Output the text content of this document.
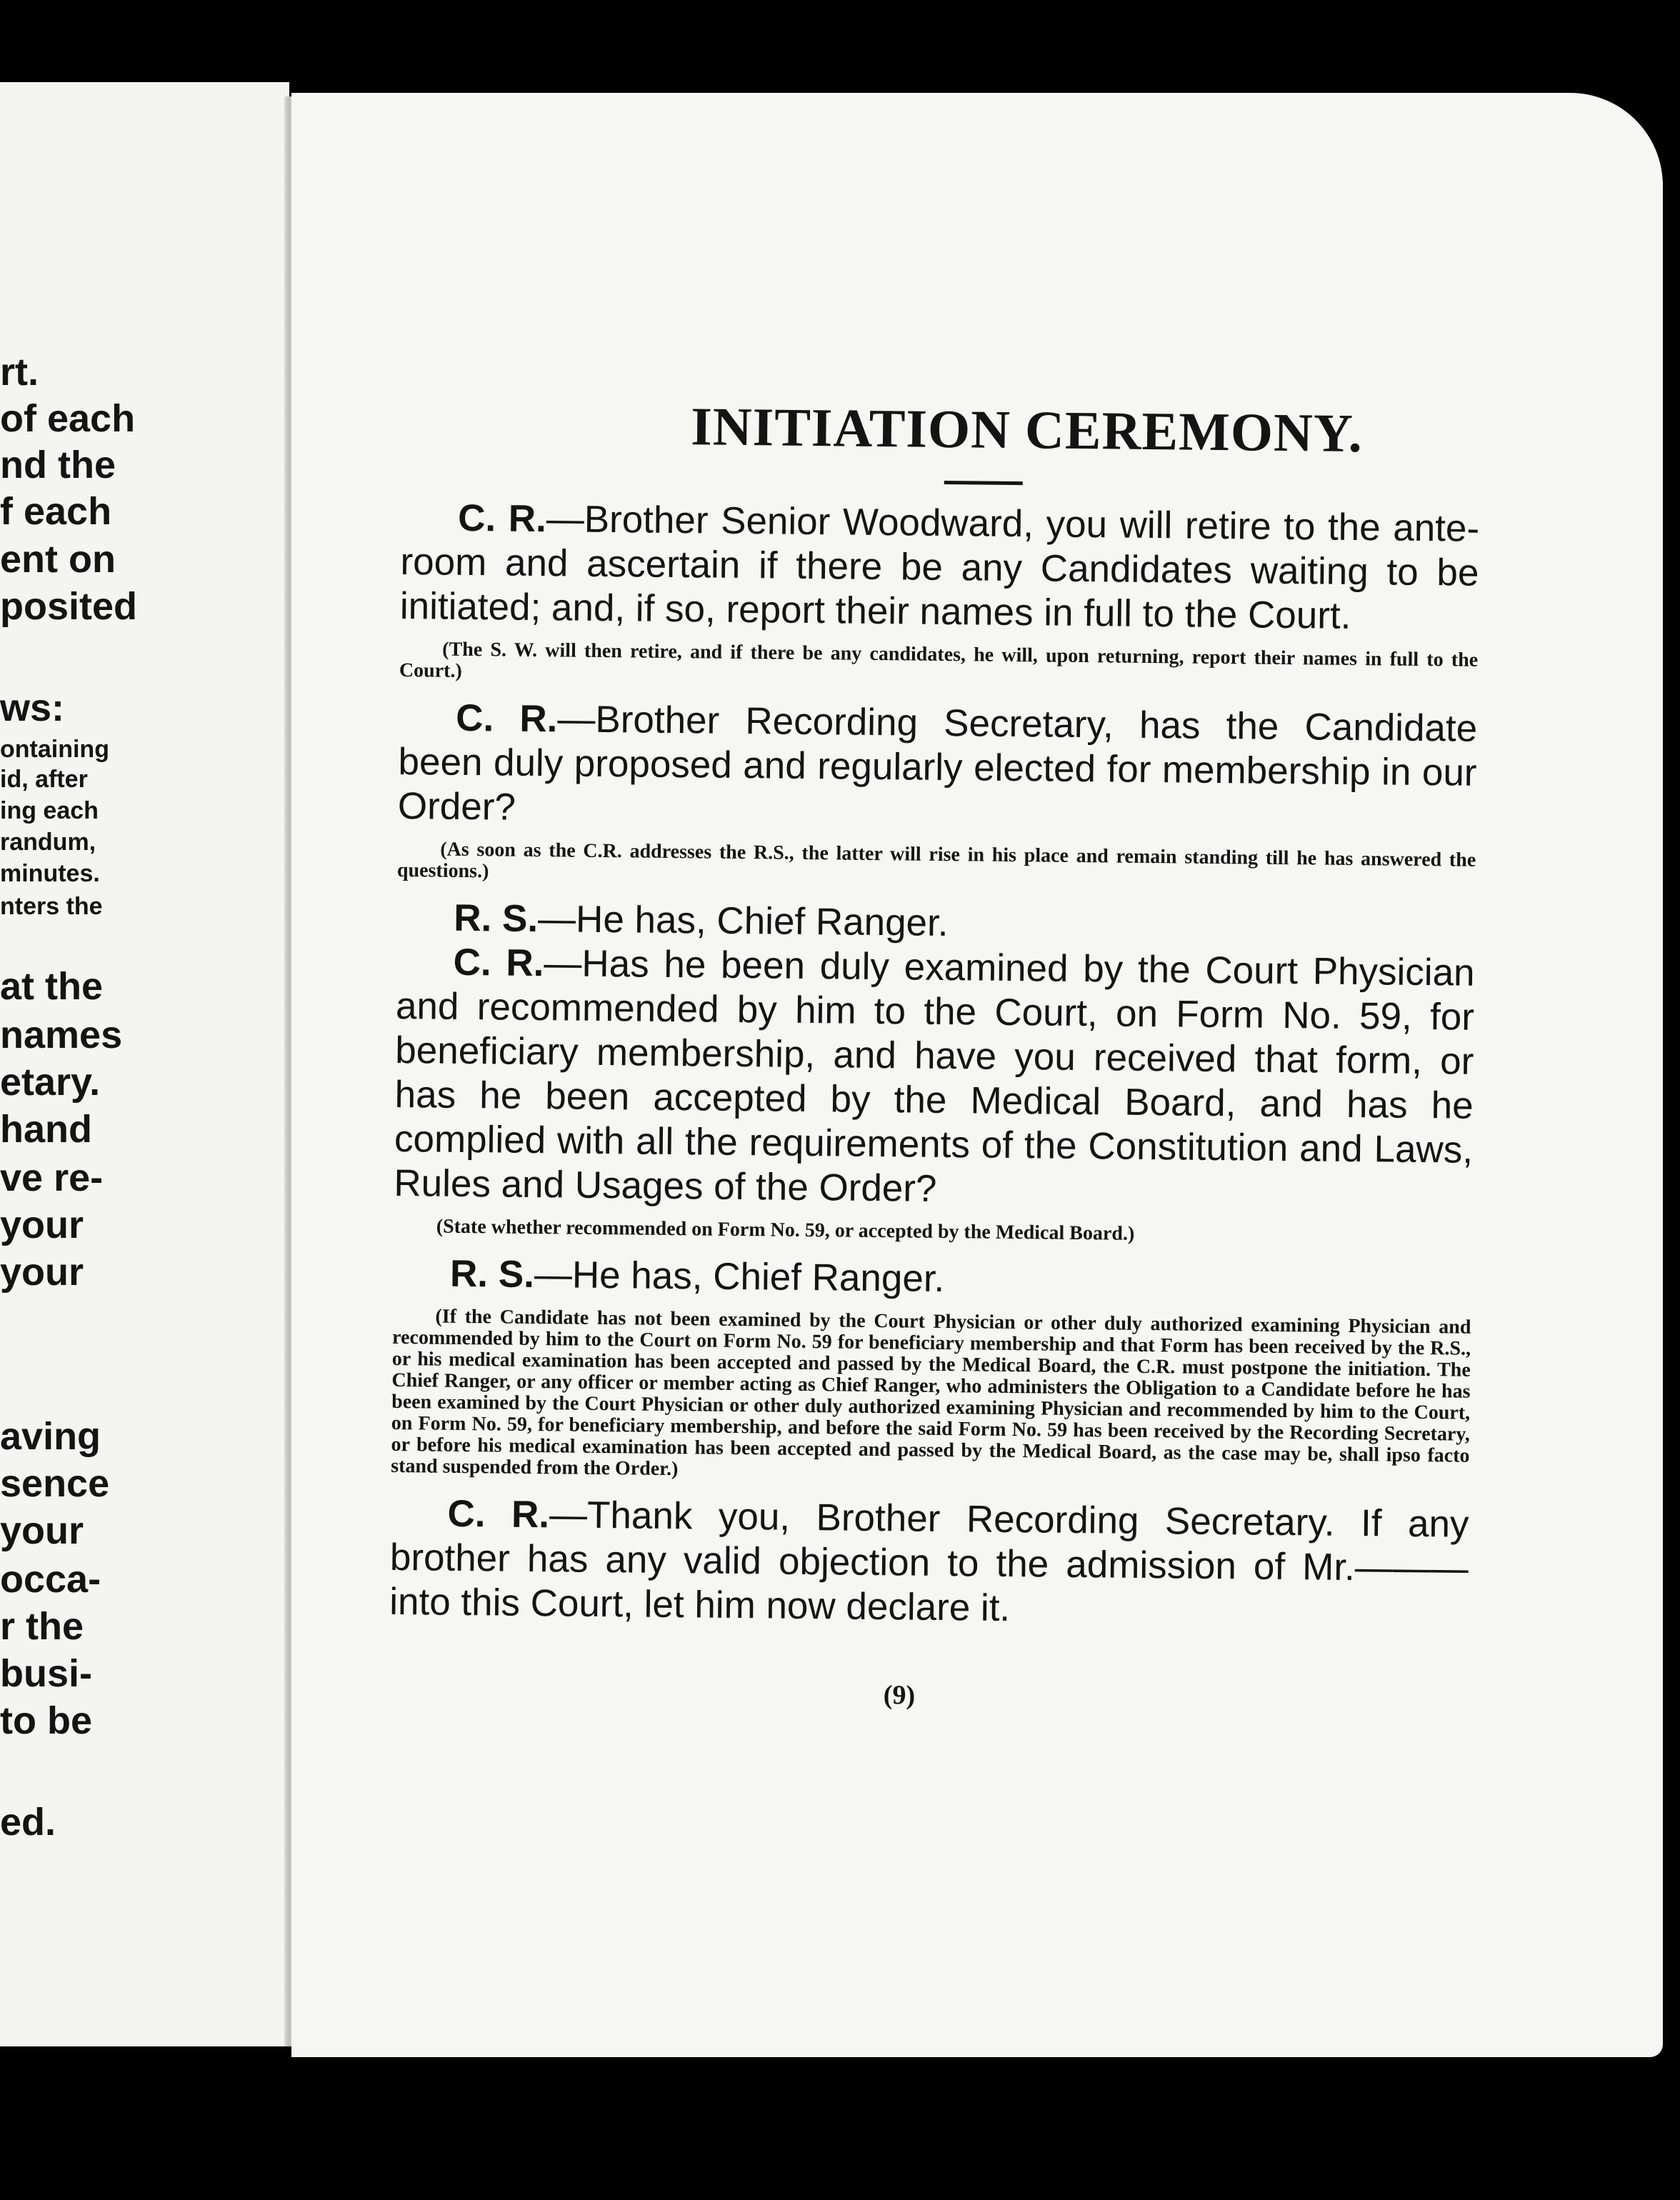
rt.
of each
nd the
f each
ent on
posited
ws:
ontaining
id, after
ing each
randum,
minutes.
nters the
at the
names
etary.
hand
ve re-
your
your
aving
sence
your
occa-
r the
busi-
to be
ed.
INITIATION CEREMONY.

C. R.—Brother Senior Woodward, you will retire to the ante-room and ascertain if there be any Candidates waiting to be initiated; and, if so, report their names in full to the Court.

(The S. W. will then retire, and if there be any candidates, he will, upon returning, report their names in full to the Court.)

C. R.—Brother Recording Secretary, has the Candidate been duly proposed and regularly elected for membership in our Order?

(As soon as the C.R. addresses the R.S., the latter will rise in his place and remain standing till he has answered the questions.)

R. S.—He has, Chief Ranger.

C. R.—Has he been duly examined by the Court Physician and recommended by him to the Court, on Form No. 59, for beneficiary membership, and have you received that form, or has he been accepted by the Medical Board, and has he complied with all the requirements of the Constitution and Laws, Rules and Usages of the Order?

(State whether recommended on Form No. 59, or accepted by the Medical Board.)

R. S.—He has, Chief Ranger.

(If the Candidate has not been examined by the Court Physician or other duly authorized examining Physician and recommended by him to the Court on Form No. 59 for beneficiary membership and that Form has been received by the R.S., or his medical examination has been accepted and passed by the Medical Board, the C.R. must postpone the initiation. The Chief Ranger, or any officer or member acting as Chief Ranger, who administers the Obligation to a Candidate before he has been examined by the Court Physician or other duly authorized examining Physician and recommended by him to the Court, on Form No. 59, for beneficiary membership, and before the said Form No. 59 has been received by the Recording Secretary, or before his medical examination has been accepted and passed by the Medical Board, as the case may be, shall ipso facto stand suspended from the Order.)

C. R.—Thank you, Brother Recording Secretary. If any brother has any valid objection to the admission of Mr.——— into this Court, let him now declare it.

(9)
